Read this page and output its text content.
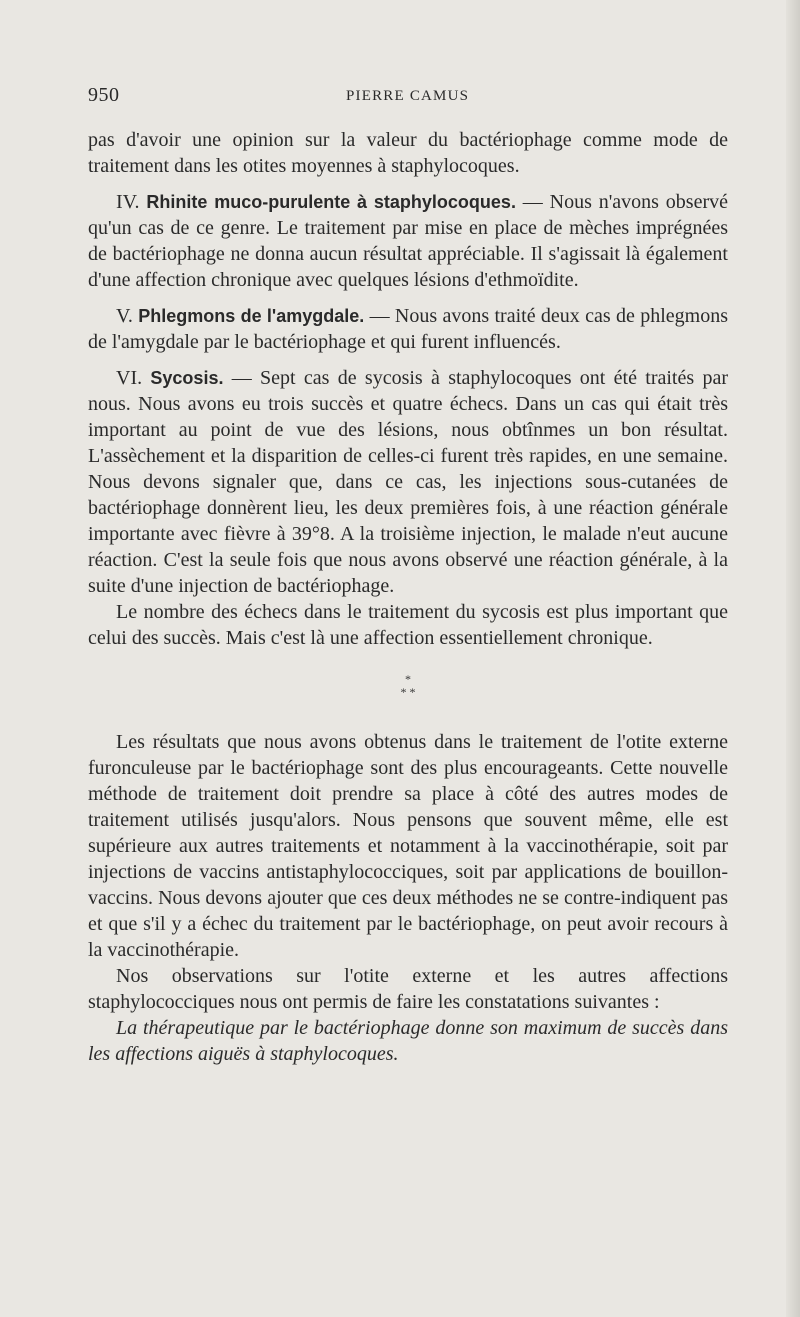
950	PIERRE CAMUS

pas d'avoir une opinion sur la valeur du bactériophage comme mode de traitement dans les otites moyennes à staphylocoques.

IV. Rhinite muco-purulente à staphylocoques. — Nous n'avons observé qu'un cas de ce genre. Le traitement par mise en place de mèches imprégnées de bactériophage ne donna aucun résultat appréciable. Il s'agissait là également d'une affection chronique avec quelques lésions d'ethmoïdite.

V. Phlegmons de l'amygdale. — Nous avons traité deux cas de phlegmons de l'amygdale par le bactériophage et qui furent influencés.

VI. Sycosis. — Sept cas de sycosis à staphylocoques ont été traités par nous. Nous avons eu trois succès et quatre échecs. Dans un cas qui était très important au point de vue des lésions, nous obtînmes un bon résultat. L'assèchement et la disparition de celles-ci furent très rapides, en une semaine. Nous devons signaler que, dans ce cas, les injections sous-cutanées de bactériophage donnèrent lieu, les deux premières fois, à une réaction générale importante avec fièvre à 39°8. A la troisième injection, le malade n'eut aucune réaction. C'est la seule fois que nous avons observé une réaction générale, à la suite d'une injection de bactériophage.

Le nombre des échecs dans le traitement du sycosis est plus important que celui des succès. Mais c'est là une affection essentiellement chronique.

*
* *

Les résultats que nous avons obtenus dans le traitement de l'otite externe furonculeuse par le bactériophage sont des plus encourageants. Cette nouvelle méthode de traitement doit prendre sa place à côté des autres modes de traitement utilisés jusqu'alors. Nous pensons que souvent même, elle est supérieure aux autres traitements et notamment à la vaccinothérapie, soit par injections de vaccins antistaphylococciques, soit par applications de bouillon-vaccins. Nous devons ajouter que ces deux méthodes ne se contre-indiquent pas et que s'il y a échec du traitement par le bactériophage, on peut avoir recours à la vaccinothérapie.

Nos observations sur l'otite externe et les autres affections staphylococciques nous ont permis de faire les constatations suivantes :

La thérapeutique par le bactériophage donne son maximum de succès dans les affections aiguës à staphylocoques.
